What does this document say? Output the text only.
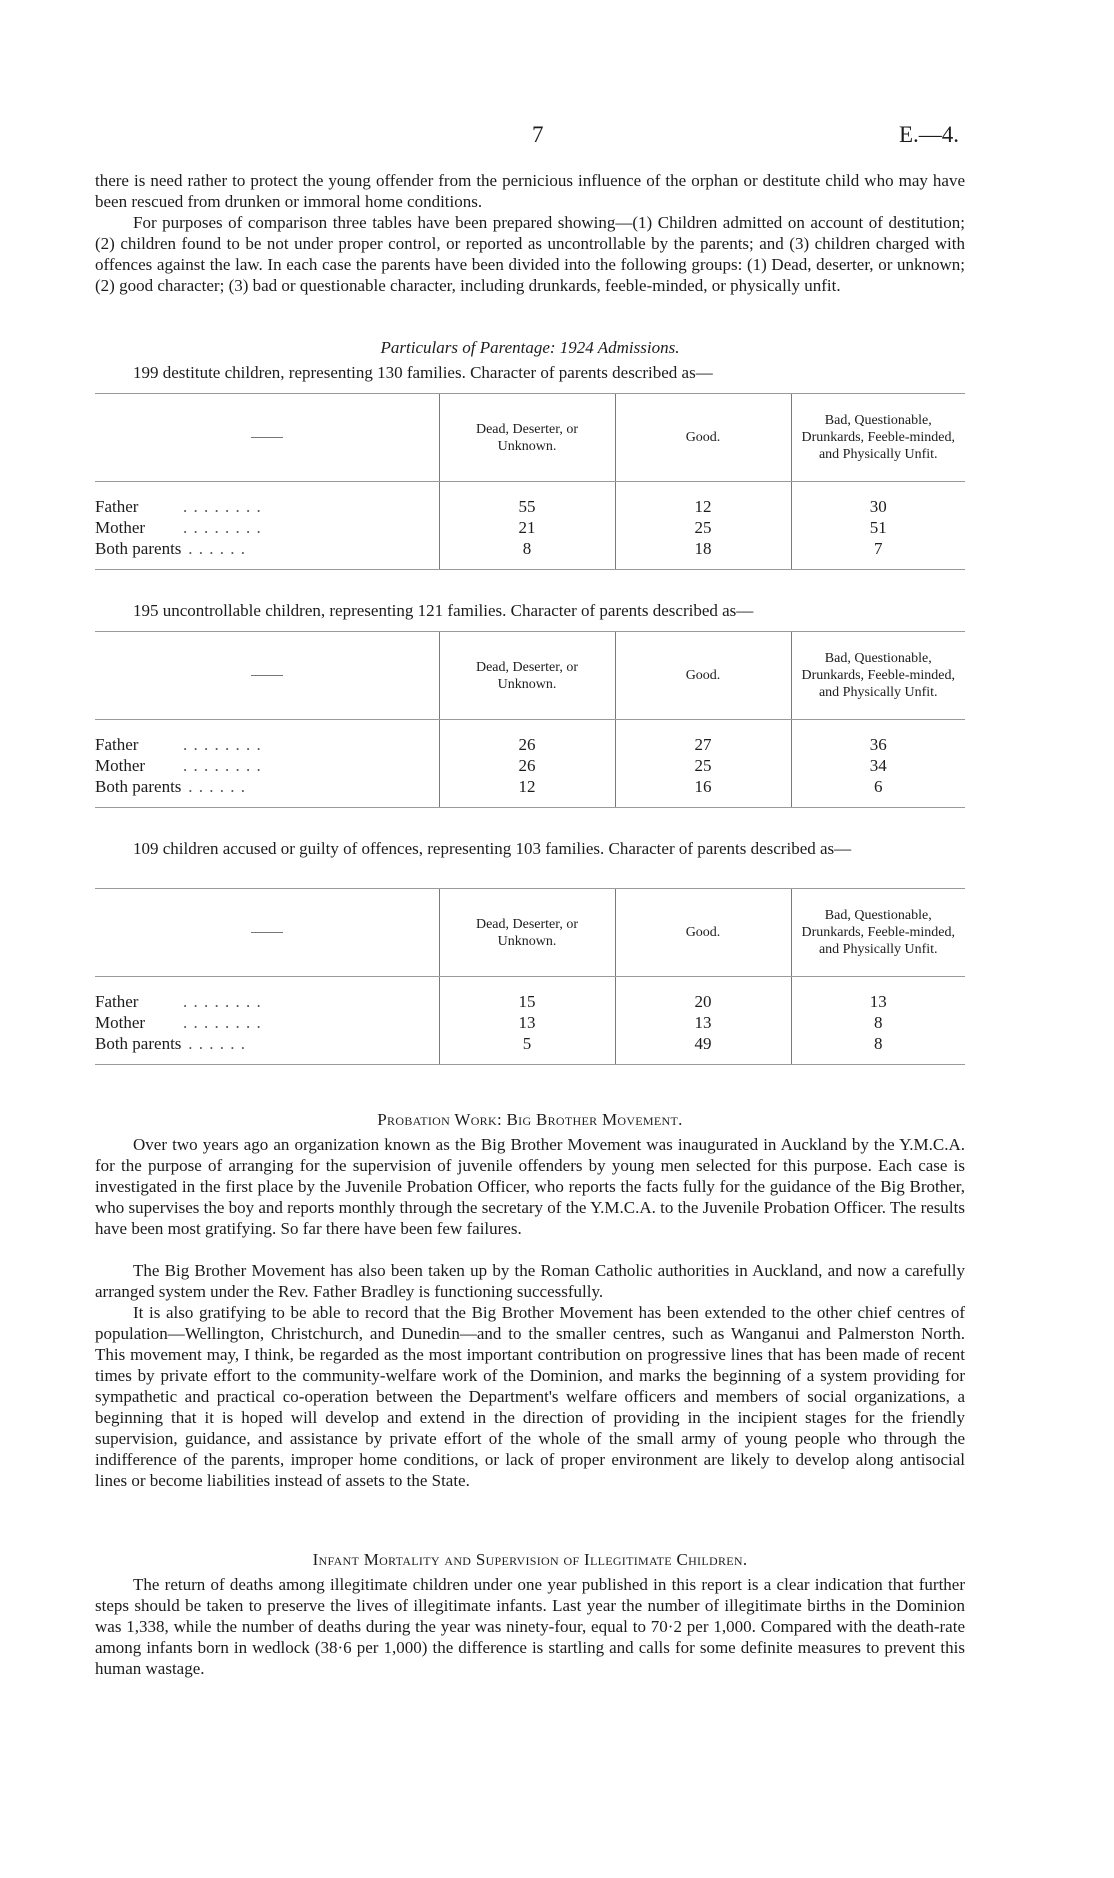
7	E.—4.

there is need rather to protect the young offender from the pernicious influence of the orphan or destitute child who may have been rescued from drunken or immoral home conditions.

For purposes of comparison three tables have been prepared showing—(1) Children admitted on account of destitution; (2) children found to be not under proper control, or reported as uncontrollable by the parents; and (3) children charged with offences against the law. In each case the parents have been divided into the following groups: (1) Dead, deserter, or unknown; (2) good character; (3) bad or questionable character, including drunkards, feeble-minded, or physically unfit.

Particulars of Parentage: 1924 Admissions.

199 destitute children, representing 130 families. Character of parents described as—

	Dead, Deserter, or Unknown.	Good.	Bad, Questionable, Drunkards, Feeble-minded, and Physically Unfit.
Father . . . . . . . .	55	12	30
Mother . . . . . . . .	21	25	51
Both parents . . . . . .	8	18	7

195 uncontrollable children, representing 121 families. Character of parents described as—

	Dead, Deserter, or Unknown.	Good.	Bad, Questionable, Drunkards, Feeble-minded, and Physically Unfit.
Father . . . . . . . .	26	27	36
Mother . . . . . . . .	26	25	34
Both parents . . . . . .	12	16	6

109 children accused or guilty of offences, representing 103 families. Character of parents described as—

	Dead, Deserter, or Unknown.	Good.	Bad, Questionable, Drunkards, Feeble-minded, and Physically Unfit.
Father . . . . . . . .	15	20	13
Mother . . . . . . . .	13	13	8
Both parents . . . . . .	5	49	8

Probation Work: Big Brother Movement.

Over two years ago an organization known as the Big Brother Movement was inaugurated in Auckland by the Y.M.C.A. for the purpose of arranging for the supervision of juvenile offenders by young men selected for this purpose. Each case is investigated in the first place by the Juvenile Probation Officer, who reports the facts fully for the guidance of the Big Brother, who supervises the boy and reports monthly through the secretary of the Y.M.C.A. to the Juvenile Probation Officer. The results have been most gratifying. So far there have been few failures.

The Big Brother Movement has also been taken up by the Roman Catholic authorities in Auckland, and now a carefully arranged system under the Rev. Father Bradley is functioning successfully.

It is also gratifying to be able to record that the Big Brother Movement has been extended to the other chief centres of population—Wellington, Christchurch, and Dunedin—and to the smaller centres, such as Wanganui and Palmerston North. This movement may, I think, be regarded as the most important contribution on progressive lines that has been made of recent times by private effort to the community-welfare work of the Dominion, and marks the beginning of a system providing for sympathetic and practical co-operation between the Department's welfare officers and members of social organizations, a beginning that it is hoped will develop and extend in the direction of providing in the incipient stages for the friendly supervision, guidance, and assistance by private effort of the whole of the small army of young people who through the indifference of the parents, improper home conditions, or lack of proper environment are likely to develop along antisocial lines or become liabilities instead of assets to the State.

Infant Mortality and Supervision of Illegitimate Children.

The return of deaths among illegitimate children under one year published in this report is a clear indication that further steps should be taken to preserve the lives of illegitimate infants. Last year the number of illegitimate births in the Dominion was 1,338, while the number of deaths during the year was ninety-four, equal to 70·2 per 1,000. Compared with the death-rate among infants born in wedlock (38·6 per 1,000) the difference is startling and calls for some definite measures to prevent this human wastage.
